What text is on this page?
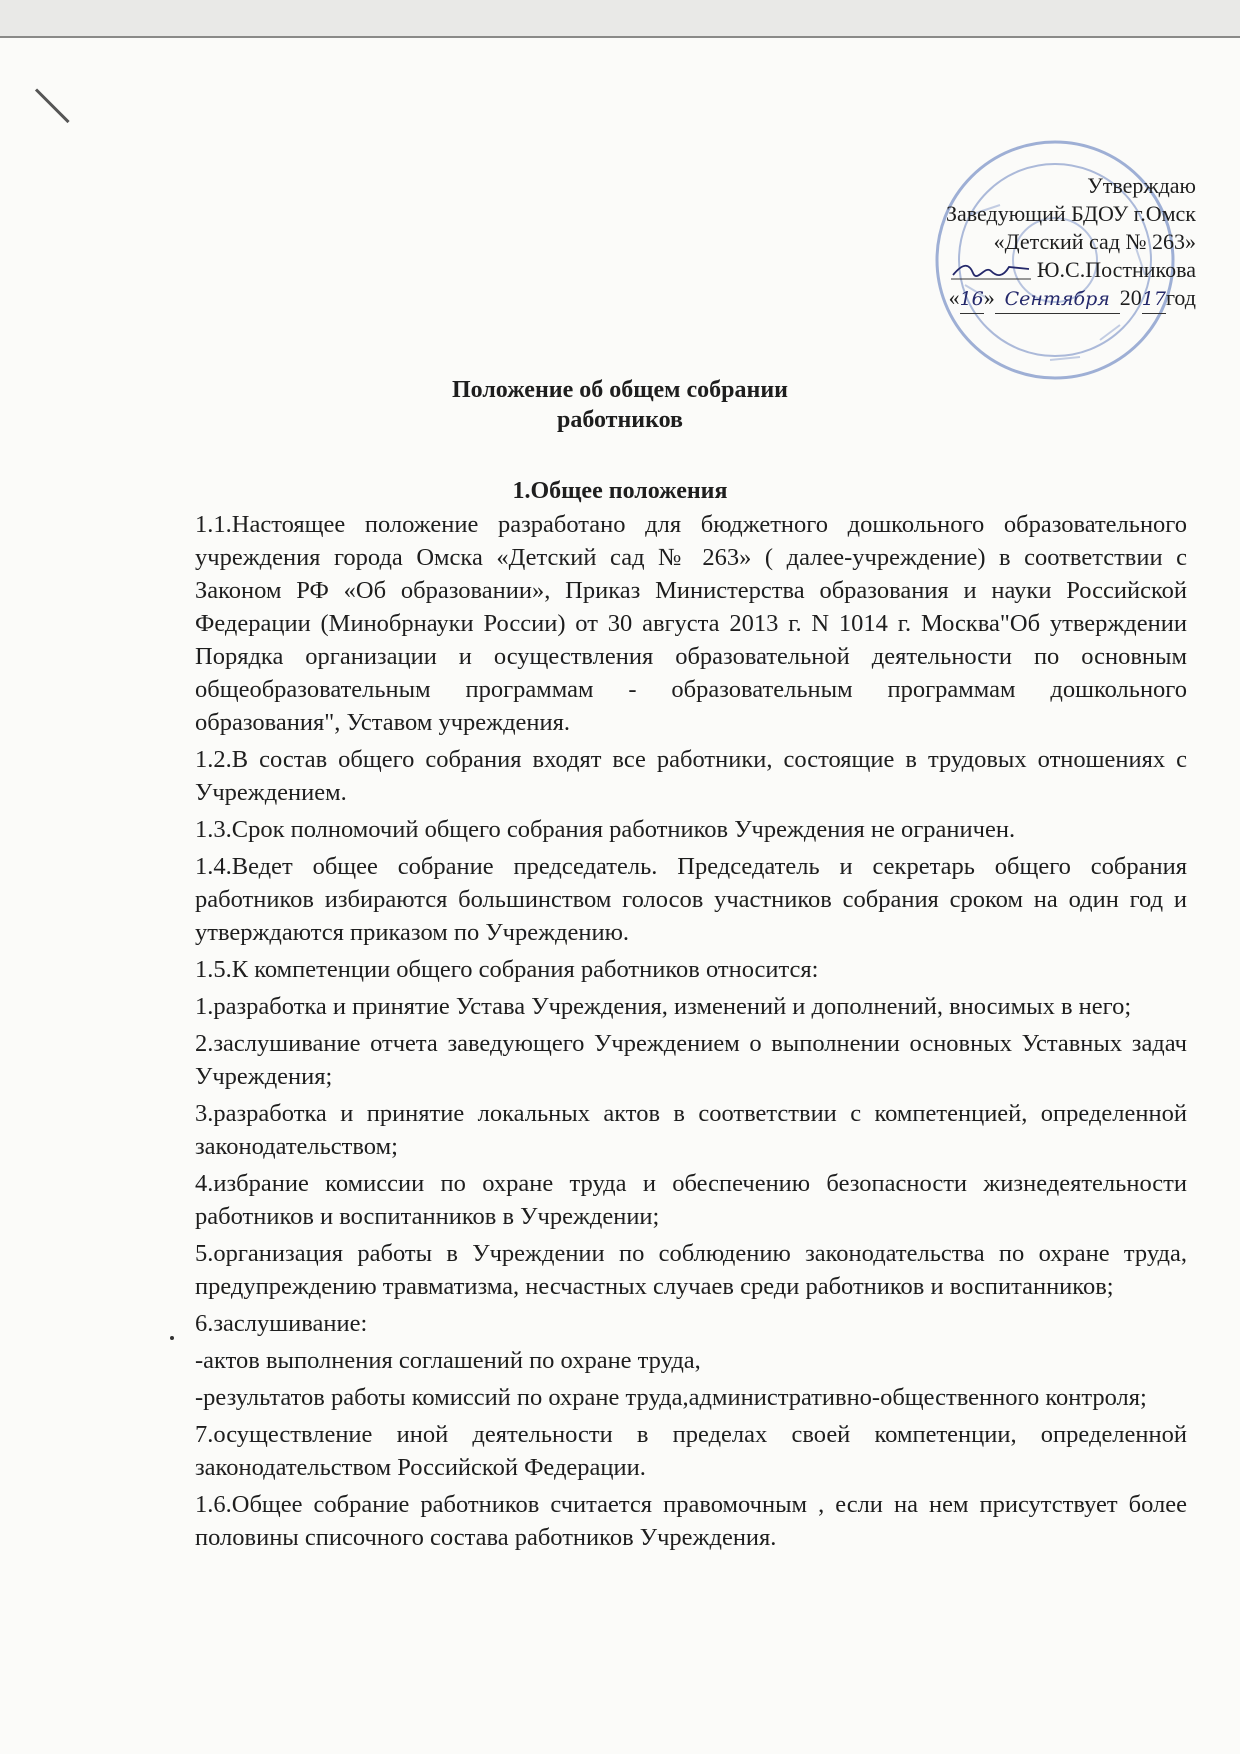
Утверждаю
Заведующий БДОУ г.Омск
«Детский сад № 263»
Ю.С.Постникова
«16» Сентября 2017год
Положение об общем собрании
работников
1.Общее положения

1.1.Настоящее положение разработано для бюджетного дошкольного образовательного учреждения города Омска «Детский сад № 263» ( далее-учреждение) в соответствии с Законом РФ «Об образовании», Приказ Министерства образования и науки Российской Федерации (Минобрнауки России) от 30 августа 2013 г. N 1014 г. Москва"Об утверждении Порядка организации и осуществления образовательной деятельности по основным общеобразовательным программам - образовательным программам дошкольного образования", Уставом учреждения.

1.2.В состав общего собрания входят все работники, состоящие в трудовых отношениях с Учреждением.

1.3.Срок полномочий общего собрания работников Учреждения не ограничен.

1.4.Ведет общее собрание председатель. Председатель и секретарь общего собрания работников избираются большинством голосов участников собрания сроком на один год и утверждаются приказом по Учреждению.

1.5.К компетенции общего собрания работников относится:

1.разработка и принятие Устава Учреждения, изменений и дополнений, вносимых в него;

2.заслушивание отчета заведующего Учреждением о выполнении основных Уставных задач Учреждения;

3.разработка и принятие локальных актов в соответствии с компетенцией, определенной законодательством;

4.избрание комиссии по охране труда и обеспечению безопасности жизнедеятельности работников и воспитанников в Учреждении;

5.организация работы в Учреждении по соблюдению законодательства по охране труда, предупреждению травматизма, несчастных случаев среди работников и воспитанников;

6.заслушивание:

-актов выполнения соглашений по охране труда,

-результатов работы комиссий по охране труда,административно-общественного контроля;

7.осуществление иной деятельности в пределах своей компетенции, определенной законодательством Российской Федерации.

1.6.Общее собрание работников считается правомочным , если на нем присутствует более половины списочного состава работников Учреждения.
